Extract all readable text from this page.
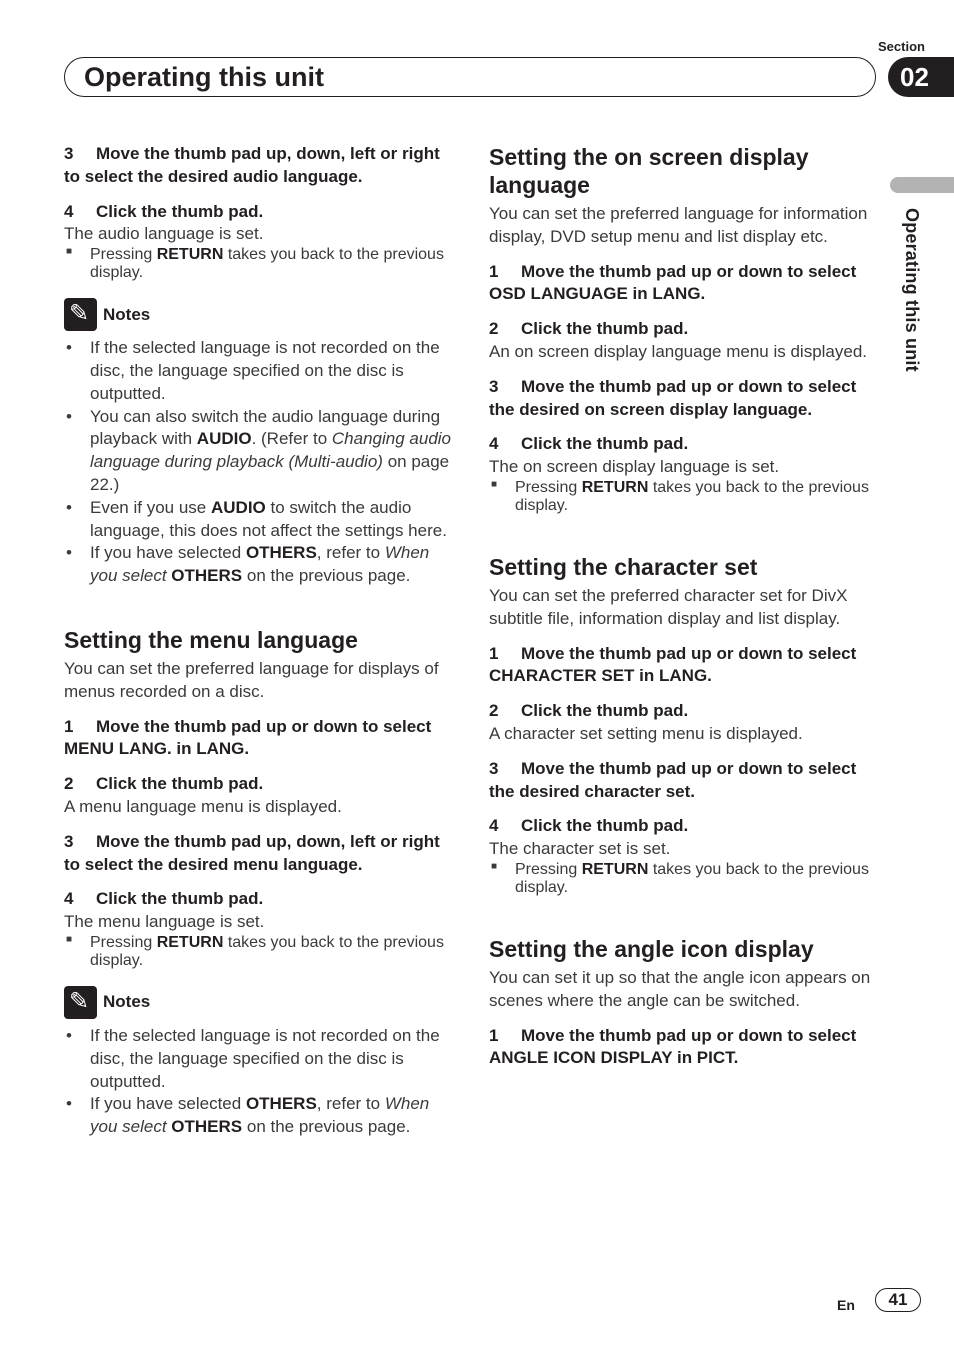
Section
Operating this unit	02
Operating this unit
3 Move the thumb pad up, down, left or right to select the desired audio language.
4 Click the thumb pad.

The audio language is set.

■ Pressing RETURN takes you back to the previous display.
✎
Notes
• If the selected language is not recorded on the disc, the language specified on the disc is outputted.
• You can also switch the audio language during playback with AUDIO. (Refer to Changing audio language during playback (Multi-audio) on page 22.)
• Even if you use AUDIO to switch the audio language, this does not affect the settings here.
• If you have selected OTHERS, refer to When you select OTHERS on the previous page.
Setting the menu language

You can set the preferred language for displays of menus recorded on a disc.

1 Move the thumb pad up or down to select MENU LANG. in LANG.
2 Click the thumb pad.

A menu language menu is displayed.

3 Move the thumb pad up, down, left or right to select the desired menu language.
4 Click the thumb pad.

The menu language is set.

■ Pressing RETURN takes you back to the previous display.
✎
Notes
• If the selected language is not recorded on the disc, the language specified on the disc is outputted.
• If you have selected OTHERS, refer to When you select OTHERS on the previous page.
Setting the on screen display language

You can set the preferred language for information display, DVD setup menu and list display etc.

1 Move the thumb pad up or down to select OSD LANGUAGE in LANG.
2 Click the thumb pad.

An on screen display language menu is displayed.

3 Move the thumb pad up or down to select the desired on screen display language.
4 Click the thumb pad.

The on screen display language is set.

■ Pressing RETURN takes you back to the previous display.
Setting the character set

You can set the preferred character set for DivX subtitle file, information display and list display.

1 Move the thumb pad up or down to select CHARACTER SET in LANG.
2 Click the thumb pad.

A character set setting menu is displayed.

3 Move the thumb pad up or down to select the desired character set.
4 Click the thumb pad.

The character set is set.

■ Pressing RETURN takes you back to the previous display.
Setting the angle icon display

You can set it up so that the angle icon appears on scenes where the angle can be switched.

1 Move the thumb pad up or down to select ANGLE ICON DISPLAY in PICT.
En	41
